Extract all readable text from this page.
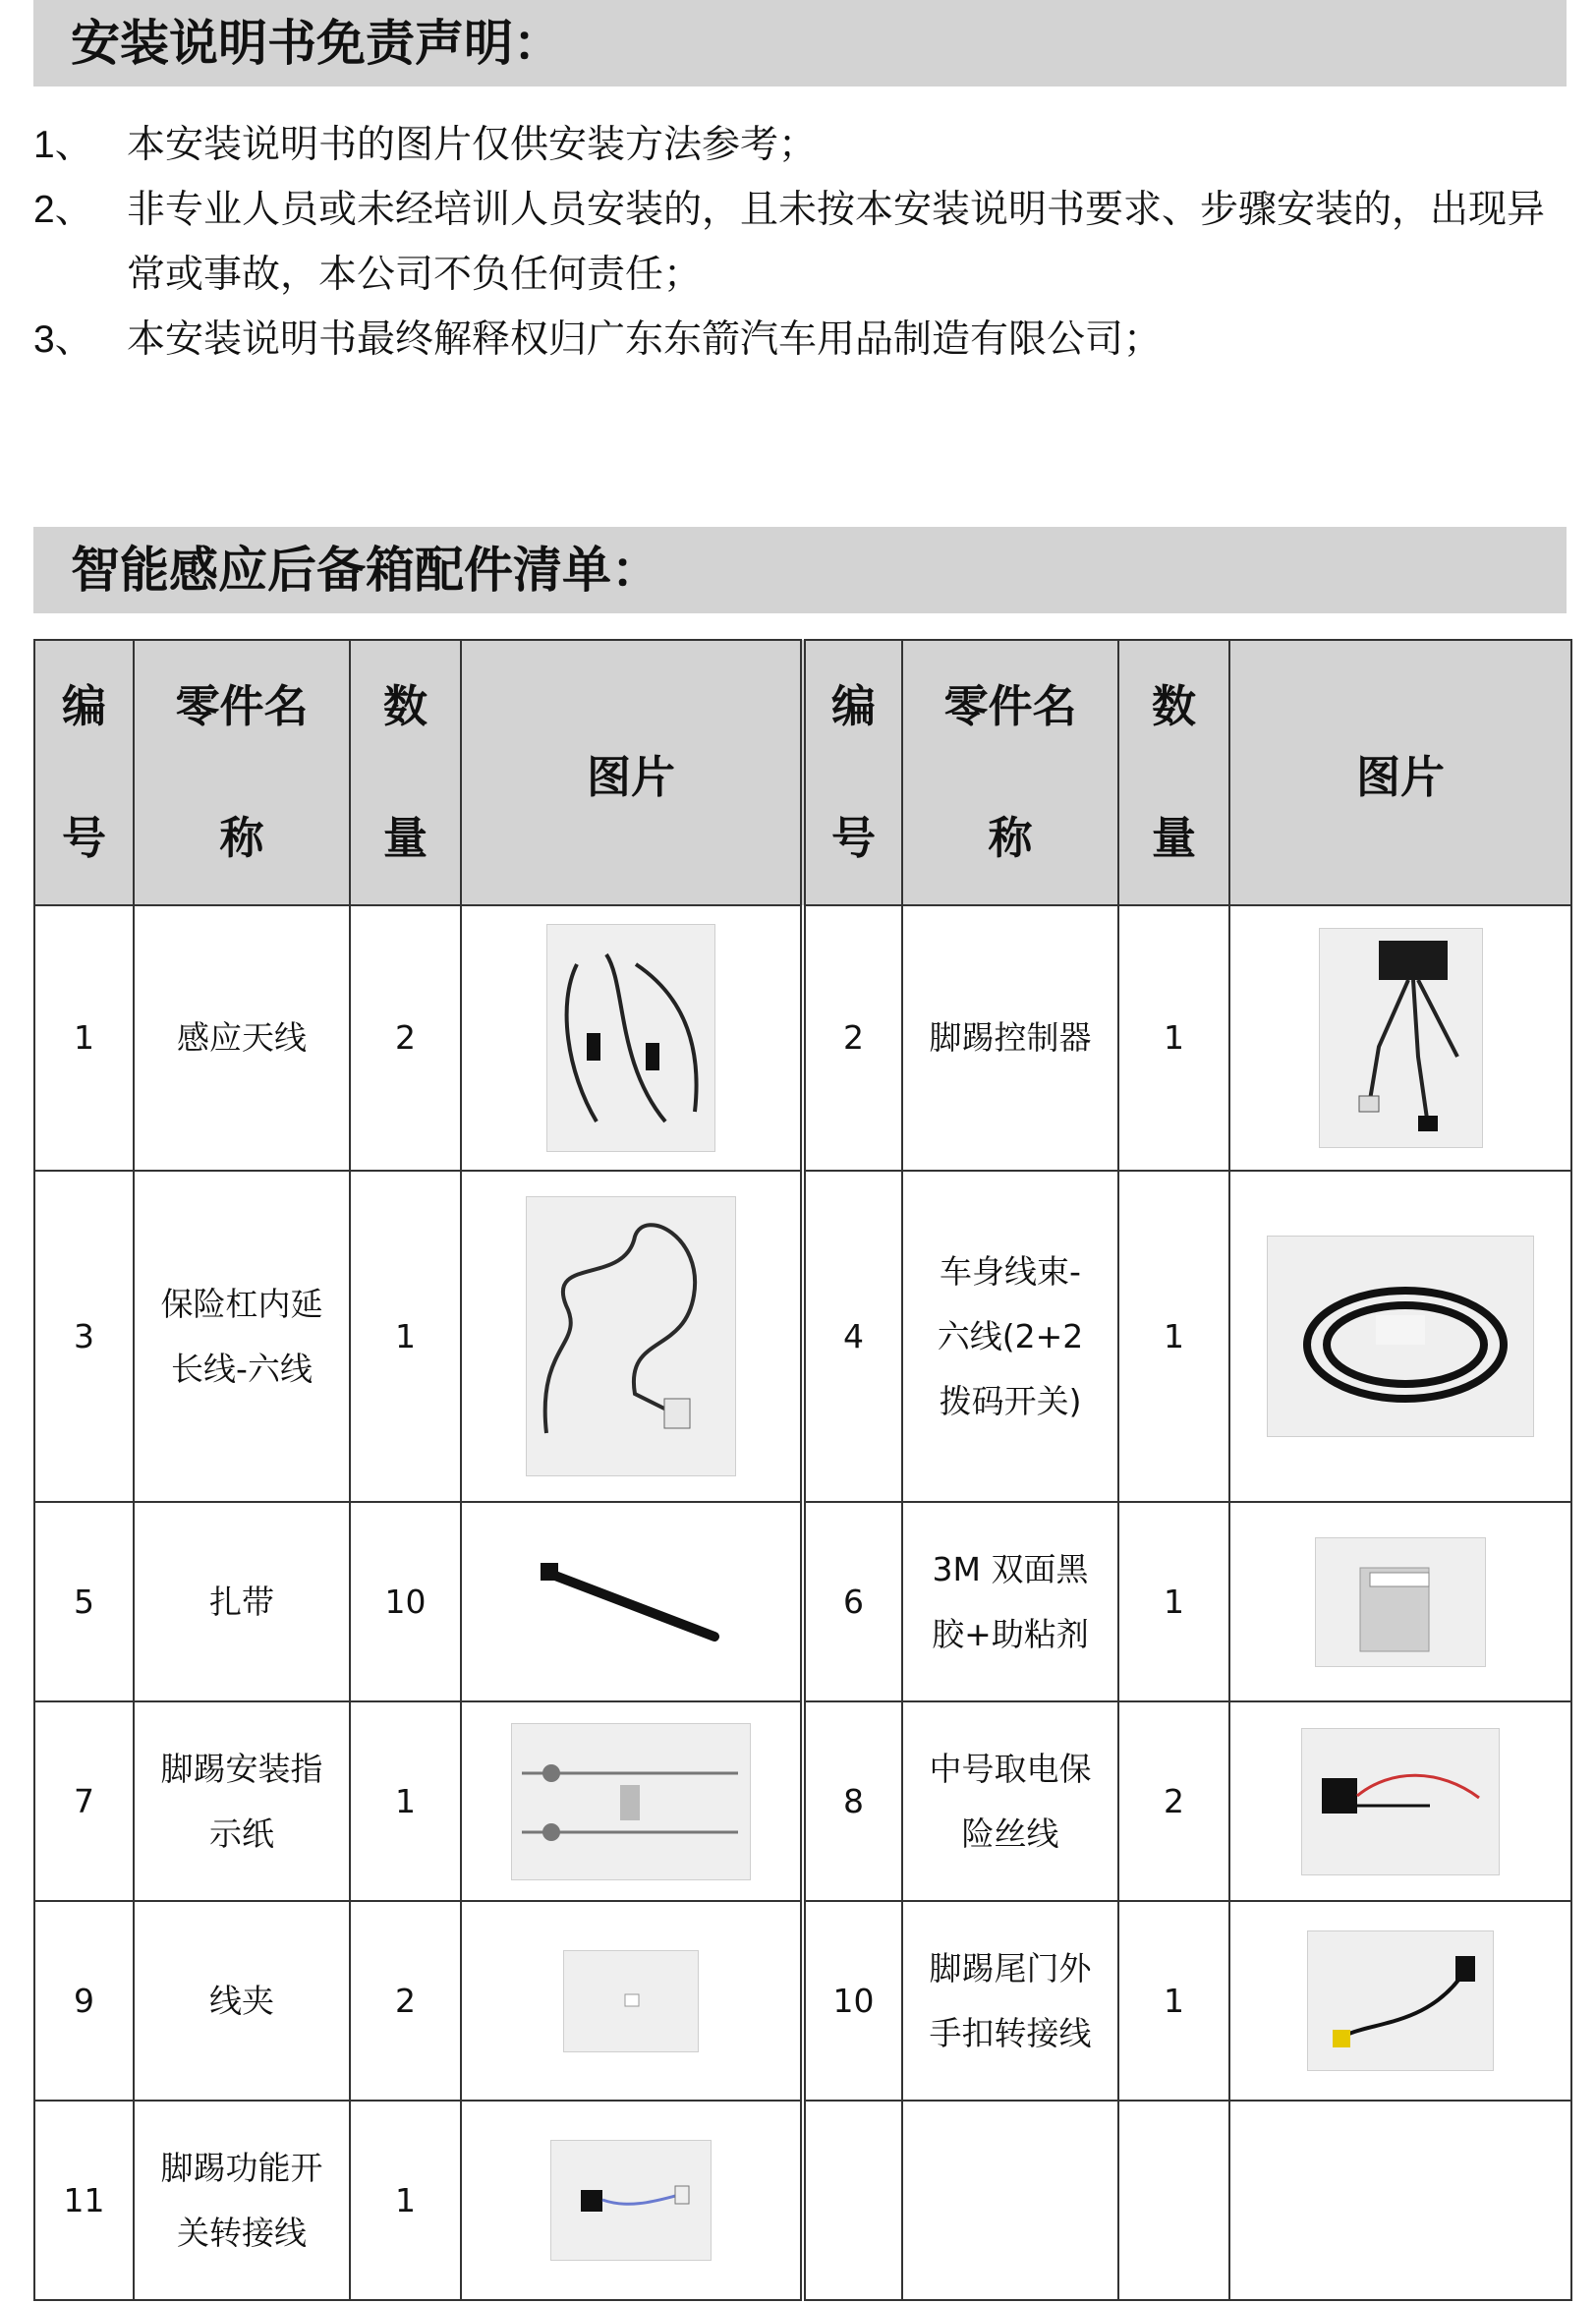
安装说明书免责声明：
1、 本安装说明书的图片仅供安装方法参考；
2、 非专业人员或未经培训人员安装的，且未按本安装说明书要求、步骤安装的，出现异常或事故，本公司不负任何责任；
3、 本安装说明书最终解释权归广东东箭汽车用品制造有限公司；
智能感应后备箱配件清单：
编
号	零件名
称	数
量	图片	编
号	零件名
称	数
量	图片
1	感应天线	2		2	脚踢控制器	1	

3	保险杠内延
长线-六线	1		4	车身线束-
六线(2+2
拨码开关)	1	

5	扎带	10		6	3M 双面黑
胶+助粘剂	1	

7	脚踢安装指
示纸	1		8	中号取电保
险丝线	2	

9	线夹	2		10	脚踢尾门外
手扣转接线	1	

11	脚踢功能开
关转接线	1	
